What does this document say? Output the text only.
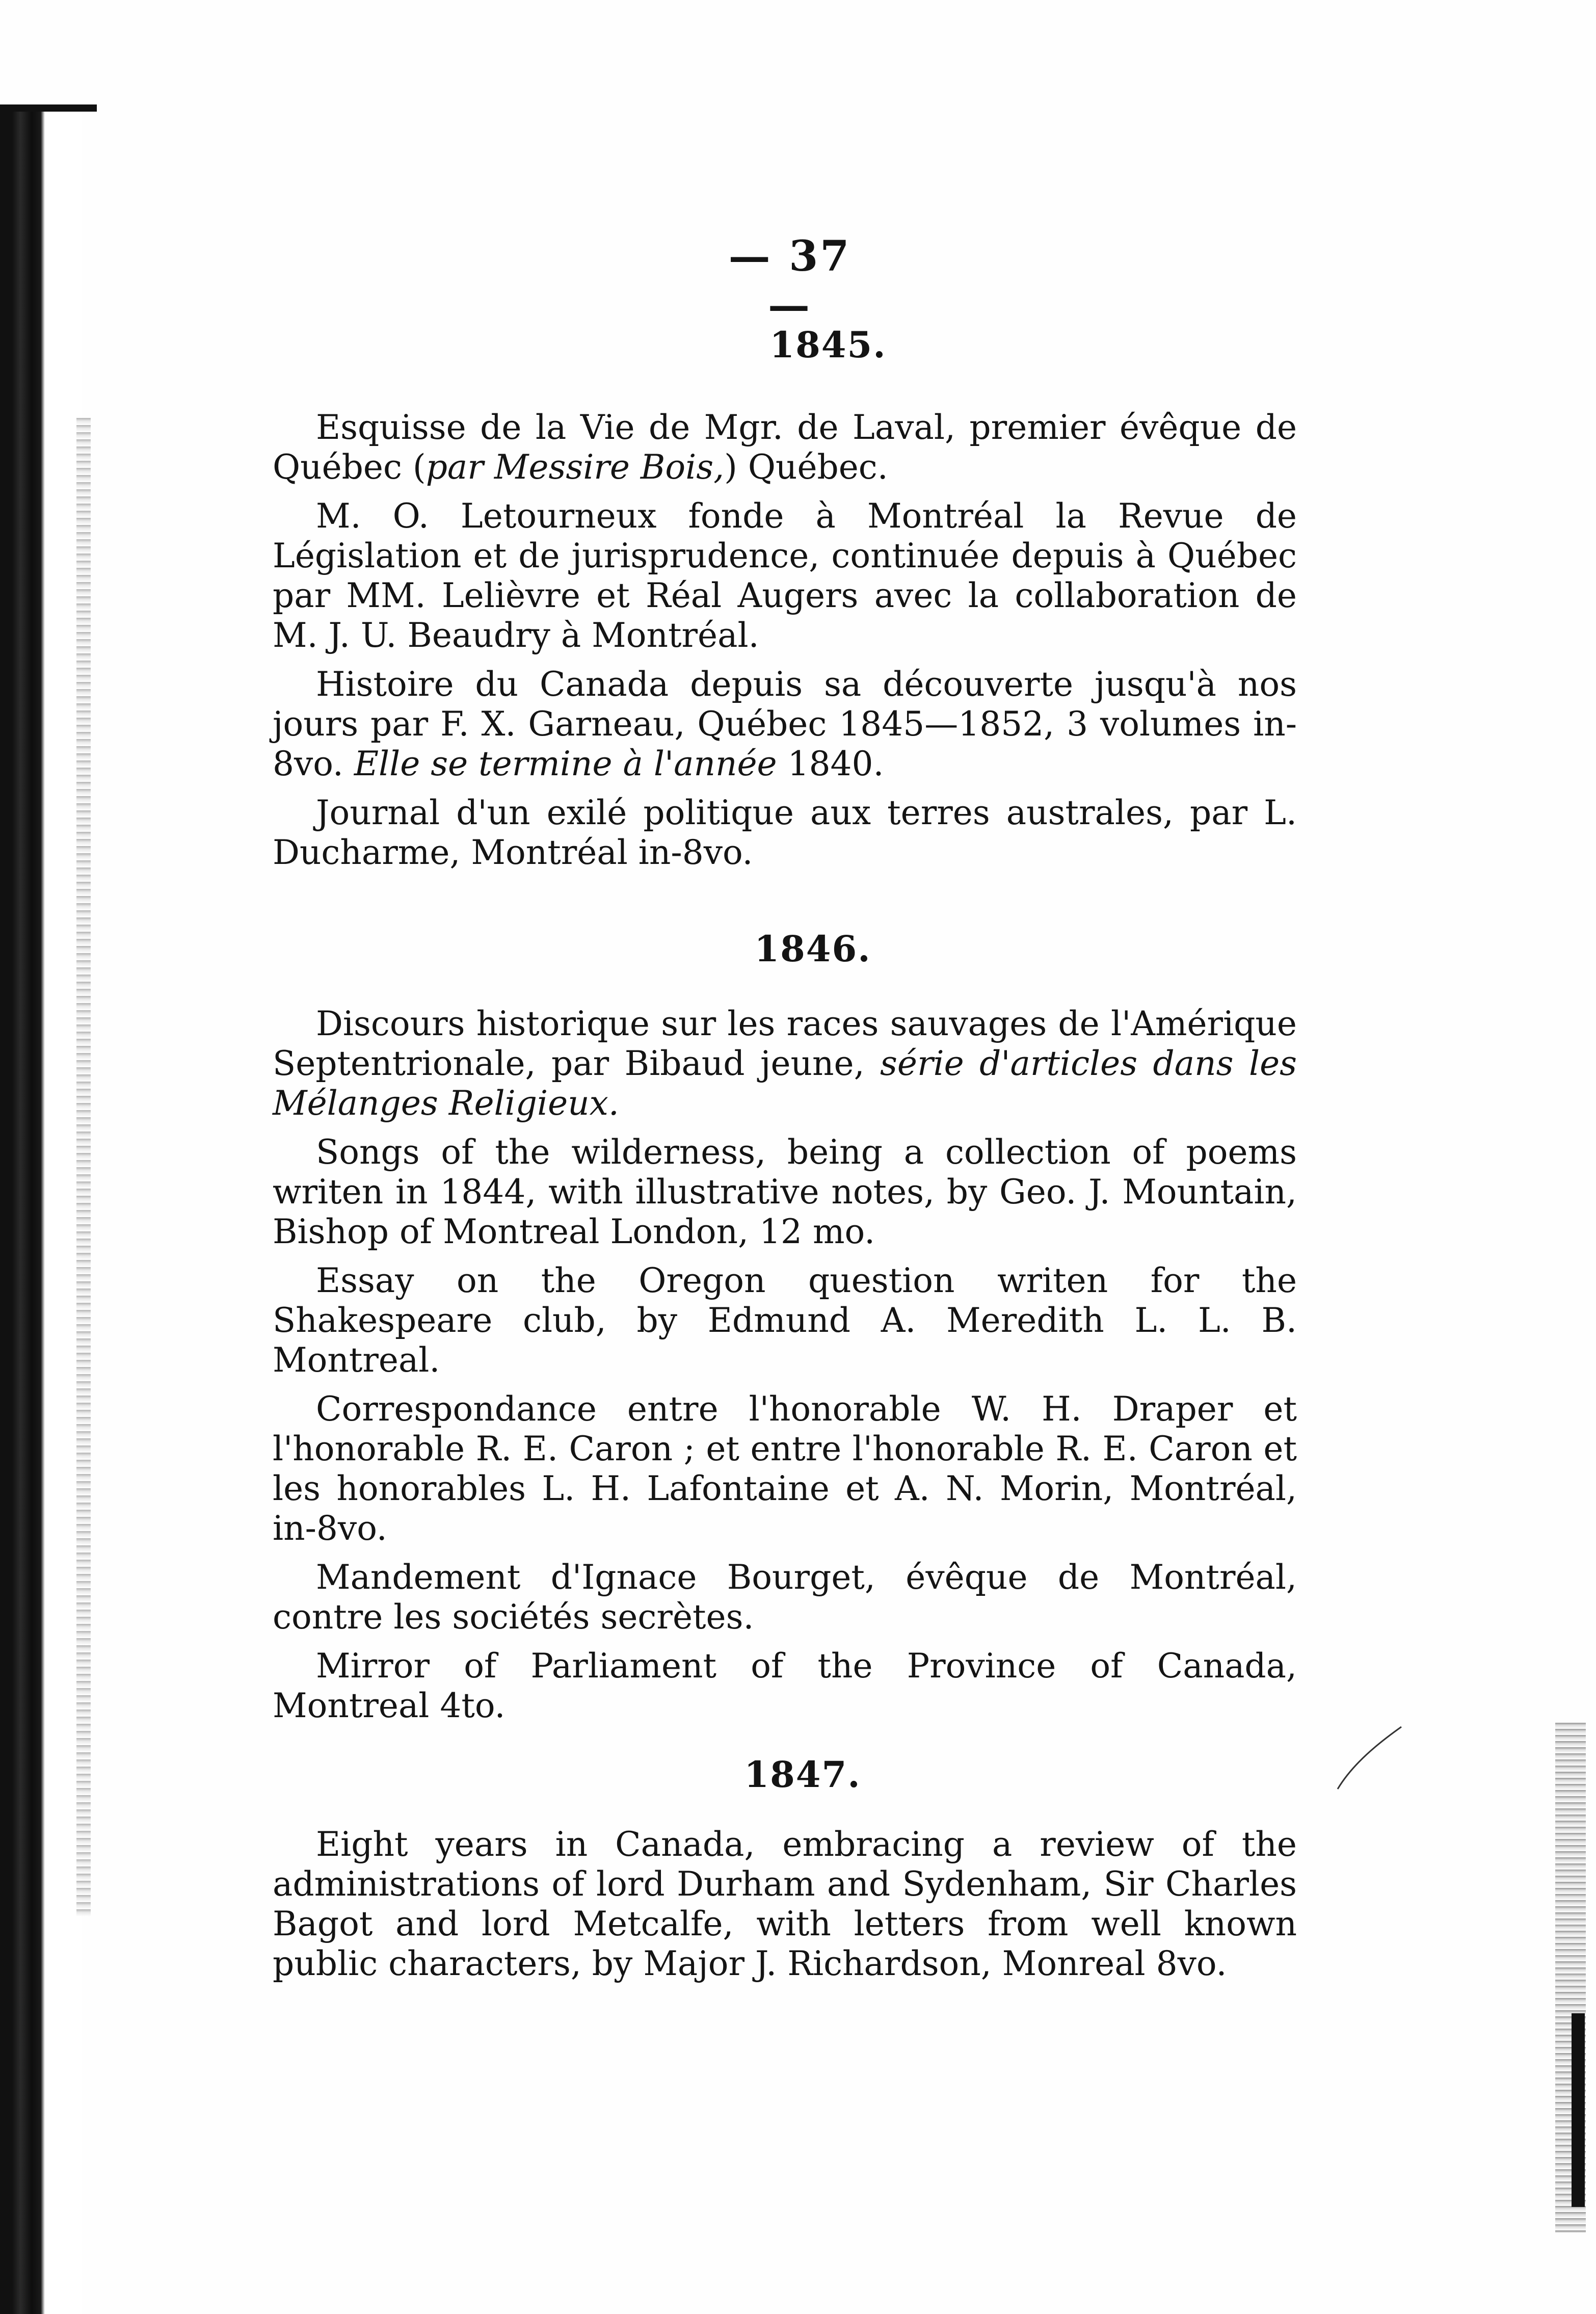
— 37 —
1845.
Esquisse de la Vie de Mgr. de Laval, premier évêque de Québec (par Messire Bois,) Québec.
M. O. Letourneux fonde à Montréal la Revue de Législation et de jurisprudence, continuée depuis à Québec par MM. Lelièvre et Réal Augers avec la collaboration de M. J. U. Beaudry à Montréal.
Histoire du Canada depuis sa découverte jusqu'à nos jours par F. X. Garneau, Québec 1845—1852, 3 volumes in-8vo. Elle se termine à l'année 1840.
Journal d'un exilé politique aux terres australes, par L. Ducharme, Montréal in-8vo.
1846.
Discours historique sur les races sauvages de l'Amérique Septentrionale, par Bibaud jeune, série d'articles dans les Mélanges Religieux.
Songs of the wilderness, being a collection of poems writen in 1844, with illustrative notes, by Geo. J. Mountain, Bishop of Montreal London, 12 mo.
Essay on the Oregon question writen for the Shakespeare club, by Edmund A. Meredith L. L. B. Montreal.
Correspondance entre l'honorable W. H. Draper et l'honorable R. E. Caron ; et entre l'honorable R. E. Caron et les honorables L. H. Lafontaine et A. N. Morin, Montréal, in-8vo.
Mandement d'Ignace Bourget, évêque de Montréal, contre les sociétés secrètes.
Mirror of Parliament of the Province of Canada, Montreal 4to.
1847.
Eight years in Canada, embracing a review of the administrations of lord Durham and Sydenham, Sir Charles Bagot and lord Metcalfe, with letters from well known public characters, by Major J. Richardson, Monreal 8vo.
